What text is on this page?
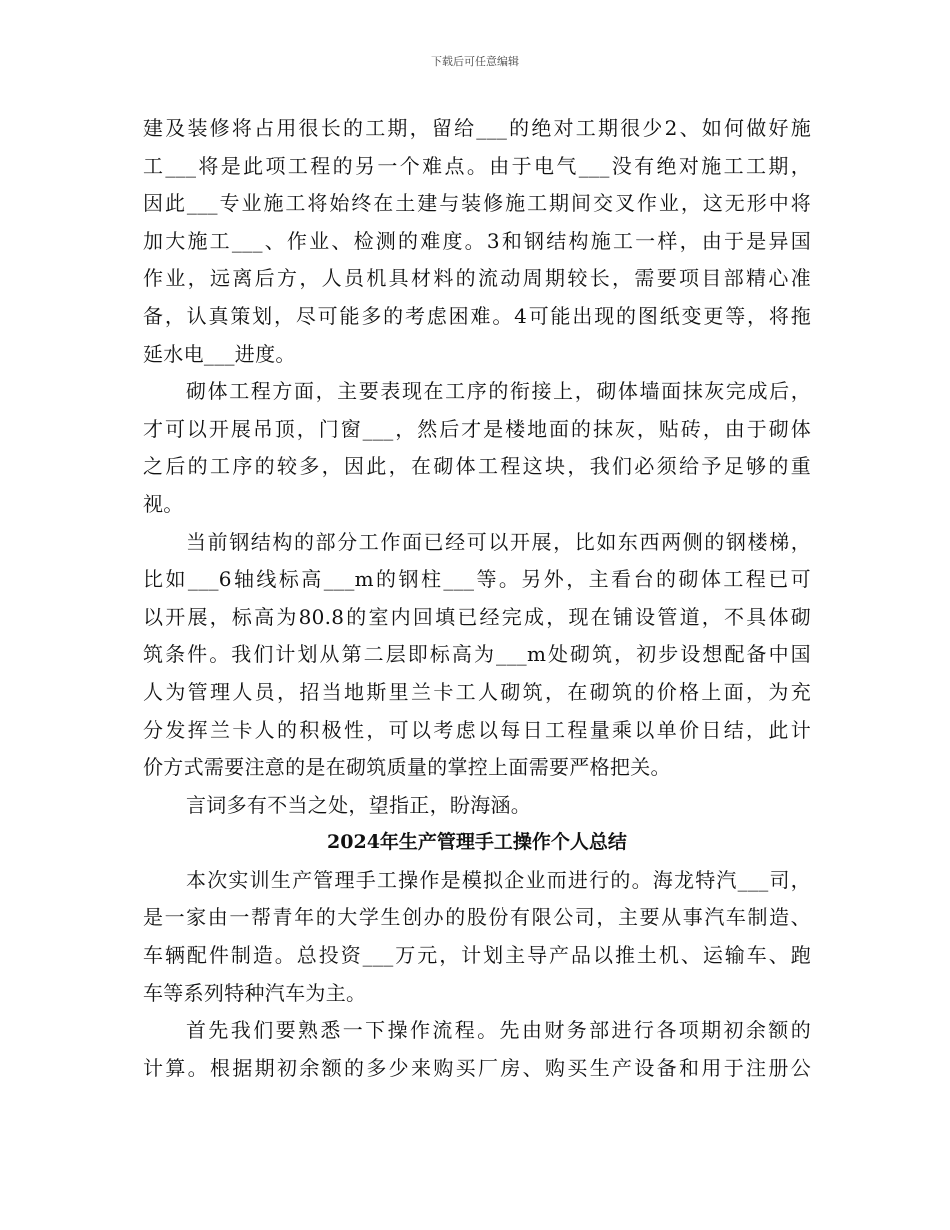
下载后可任意编辑

建及装修将占用很长的工期，留给___的绝对工期很少2、如何做好施

工___将是此项工程的另一个难点。由于电气___没有绝对施工工期，

因此___专业施工将始终在土建与装修施工期间交叉作业，这无形中将

加大施工___、作业、检测的难度。3和钢结构施工一样，由于是异国

作业，远离后方，人员机具材料的流动周期较长，需要项目部精心准

备，认真策划，尽可能多的考虑困难。4可能出现的图纸变更等，将拖

延水电___进度。

砌体工程方面，主要表现在工序的衔接上，砌体墙面抹灰完成后，

才可以开展吊顶，门窗___，然后才是楼地面的抹灰，贴砖，由于砌体

之后的工序的较多，因此，在砌体工程这块，我们必须给予足够的重

视。

当前钢结构的部分工作面已经可以开展，比如东西两侧的钢楼梯，

比如___6轴线标高___m的钢柱___等。另外，主看台的砌体工程已可

以开展，标高为80.8的室内回填已经完成，现在铺设管道，不具体砌

筑条件。我们计划从第二层即标高为___m处砌筑，初步设想配备中国

人为管理人员，招当地斯里兰卡工人砌筑，在砌筑的价格上面，为充

分发挥兰卡人的积极性，可以考虑以每日工程量乘以单价日结，此计

价方式需要注意的是在砌筑质量的掌控上面需要严格把关。

言词多有不当之处，望指正，盼海涵。

2024年生产管理手工操作个人总结

本次实训生产管理手工操作是模拟企业而进行的。海龙特汽___司，

是一家由一帮青年的大学生创办的股份有限公司，主要从事汽车制造、

车辆配件制造。总投资___万元，计划主导产品以推土机、运输车、跑

车等系列特种汽车为主。

首先我们要熟悉一下操作流程。先由财务部进行各项期初余额的

计算。根据期初余额的多少来购买厂房、购买生产设备和用于注册公
